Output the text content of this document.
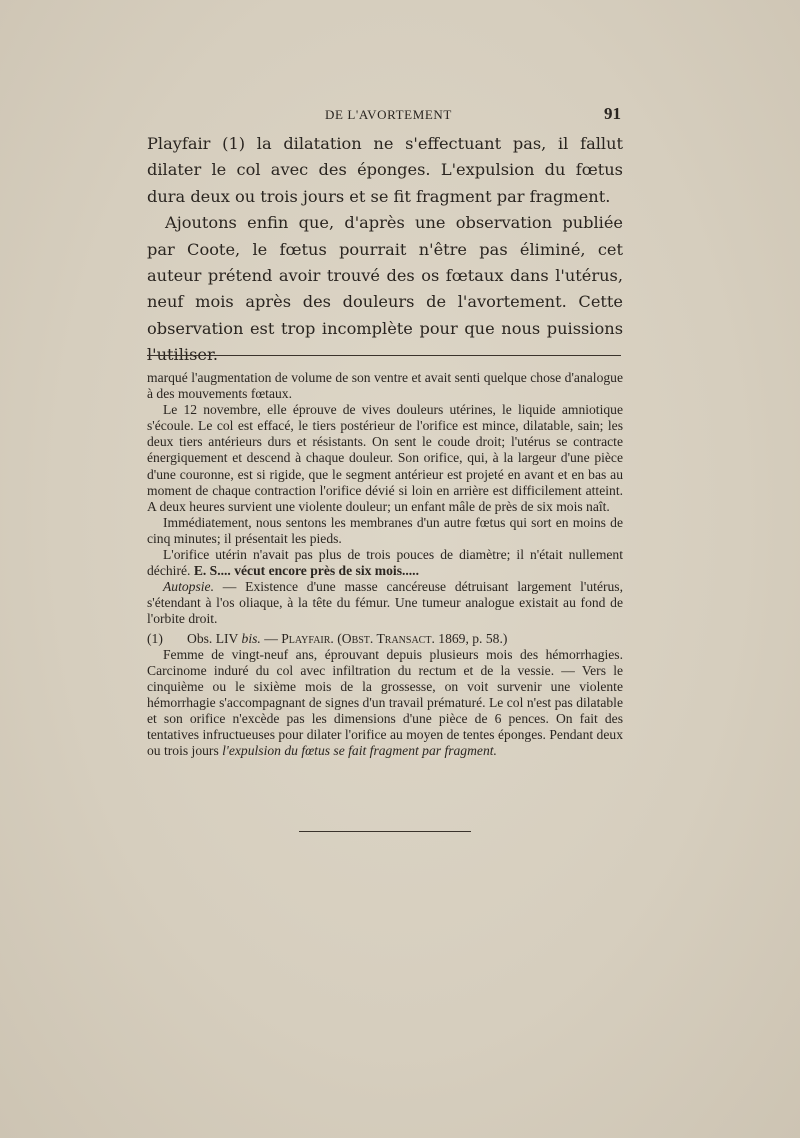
DE L'AVORTEMENT	91

Playfair (1) la dilatation ne s'effectuant pas, il fallut dilater le col avec des éponges. L'expulsion du fœtus dura deux ou trois jours et se fit fragment par fragment.

Ajoutons enfin que, d'après une observation publiée par Coote, le fœtus pourrait n'être pas éliminé, cet auteur prétend avoir trouvé des os fœtaux dans l'utérus, neuf mois après des douleurs de l'avortement. Cette observation est trop incomplète pour que nous puissions l'utiliser.

marqué l'augmentation de volume de son ventre et avait senti quelque chose d'analogue à des mouvements fœtaux.

Le 12 novembre, elle éprouve de vives douleurs utérines, le liquide amniotique s'écoule. Le col est effacé, le tiers postérieur de l'orifice est mince, dilatable, sain; les deux tiers antérieurs durs et résistants. On sent le coude droit; l'utérus se contracte énergiquement et descend à chaque douleur. Son orifice, qui, à la largeur d'une pièce d'une couronne, est si rigide, que le segment antérieur est projeté en avant et en bas au moment de chaque contraction l'orifice dévié si loin en arrière est difficilement atteint. A deux heures survient une violente douleur; un enfant mâle de près de six mois naît.

Immédiatement, nous sentons les membranes d'un autre fœtus qui sort en moins de cinq minutes; il présentait les pieds.

L'orifice utérin n'avait pas plus de trois pouces de diamètre; il n'était nullement déchiré. E. S.... vécut encore près de six mois.....

Autopsie. — Existence d'une masse cancéreuse détruisant largement l'utérus, s'étendant à l'os oliaque, à la tête du fémur. Une tumeur analogue existait au fond de l'orbite droit.

(1) Obs. LIV bis. — Playfair. (Obst. Transact. 1869, p. 58.)

Femme de vingt-neuf ans, éprouvant depuis plusieurs mois des hémorrhagies. Carcinome induré du col avec infiltration du rectum et de la vessie. — Vers le cinquième ou le sixième mois de la grossesse, on voit survenir une violente hémorrhagie s'accompagnant de signes d'un travail prématuré. Le col n'est pas dilatable et son orifice n'excède pas les dimensions d'une pièce de 6 pences. On fait des tentatives infructueuses pour dilater l'orifice au moyen de tentes éponges. Pendant deux ou trois jours l'expulsion du fœtus se fait fragment par fragment.
